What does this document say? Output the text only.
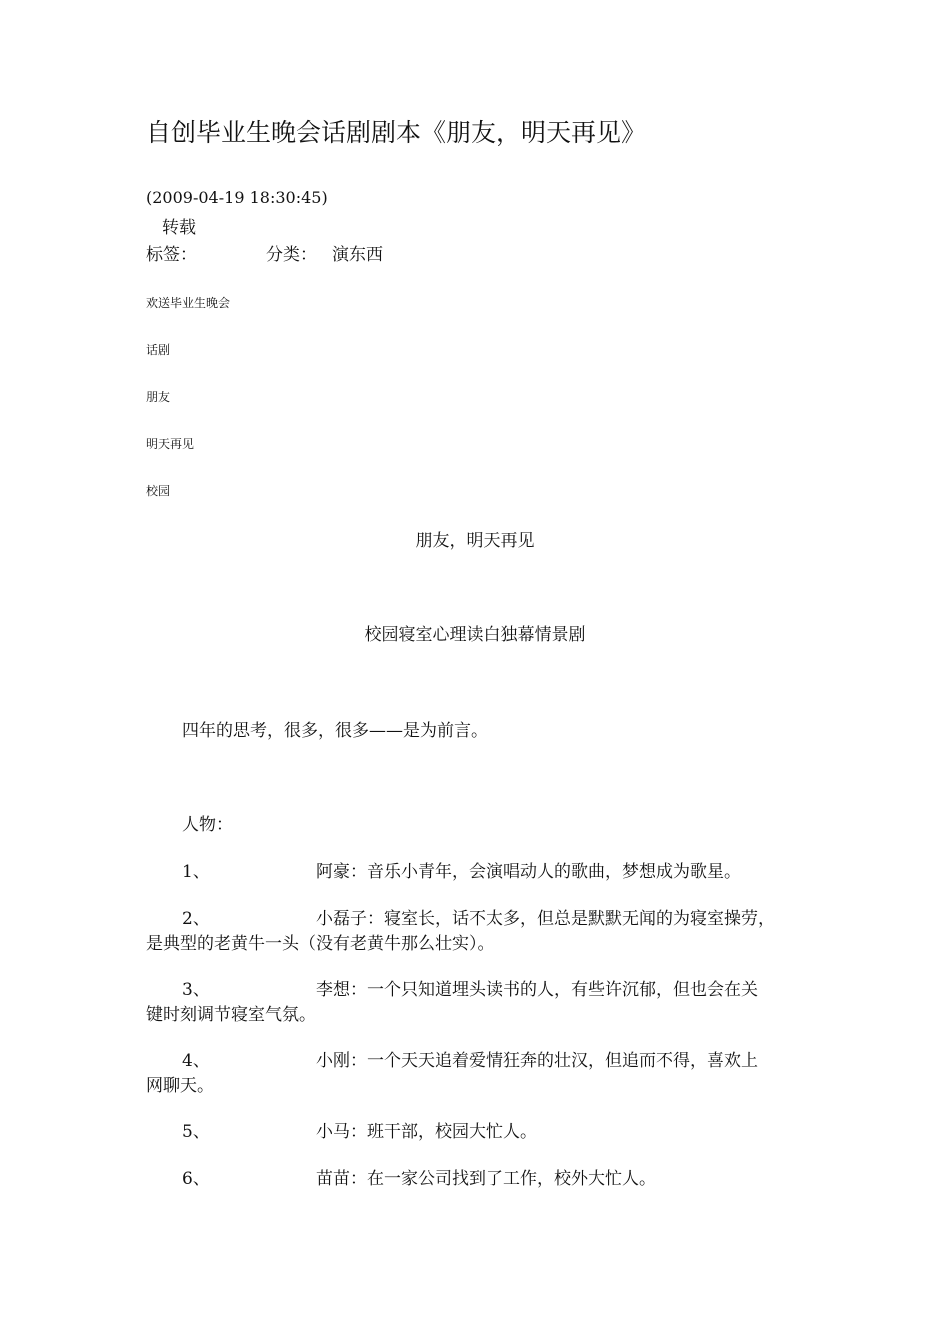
自创毕业生晚会话剧剧本《朋友，明天再见》
(2009-04-19 18:30:45)
转载
标签：	分类： 演东西
欢送毕业生晚会
话剧
朋友
明天再见
校园
朋友，明天再见
校园寝室心理读白独幕情景剧
四年的思考，很多，很多——是为前言。
人物：
1、	阿豪：音乐小青年，会演唱动人的歌曲，梦想成为歌星。
2、	小磊子：寝室长，话不太多，但总是默默无闻的为寝室操劳，
是典型的老黄牛一头（没有老黄牛那么壮实）。
3、	李想：一个只知道埋头读书的人，有些许沉郁，但也会在关
键时刻调节寝室气氛。
4、	小刚：一个天天追着爱情狂奔的壮汉，但追而不得，喜欢上
网聊天。
5、	小马：班干部，校园大忙人。
6、	苗苗：在一家公司找到了工作，校外大忙人。
